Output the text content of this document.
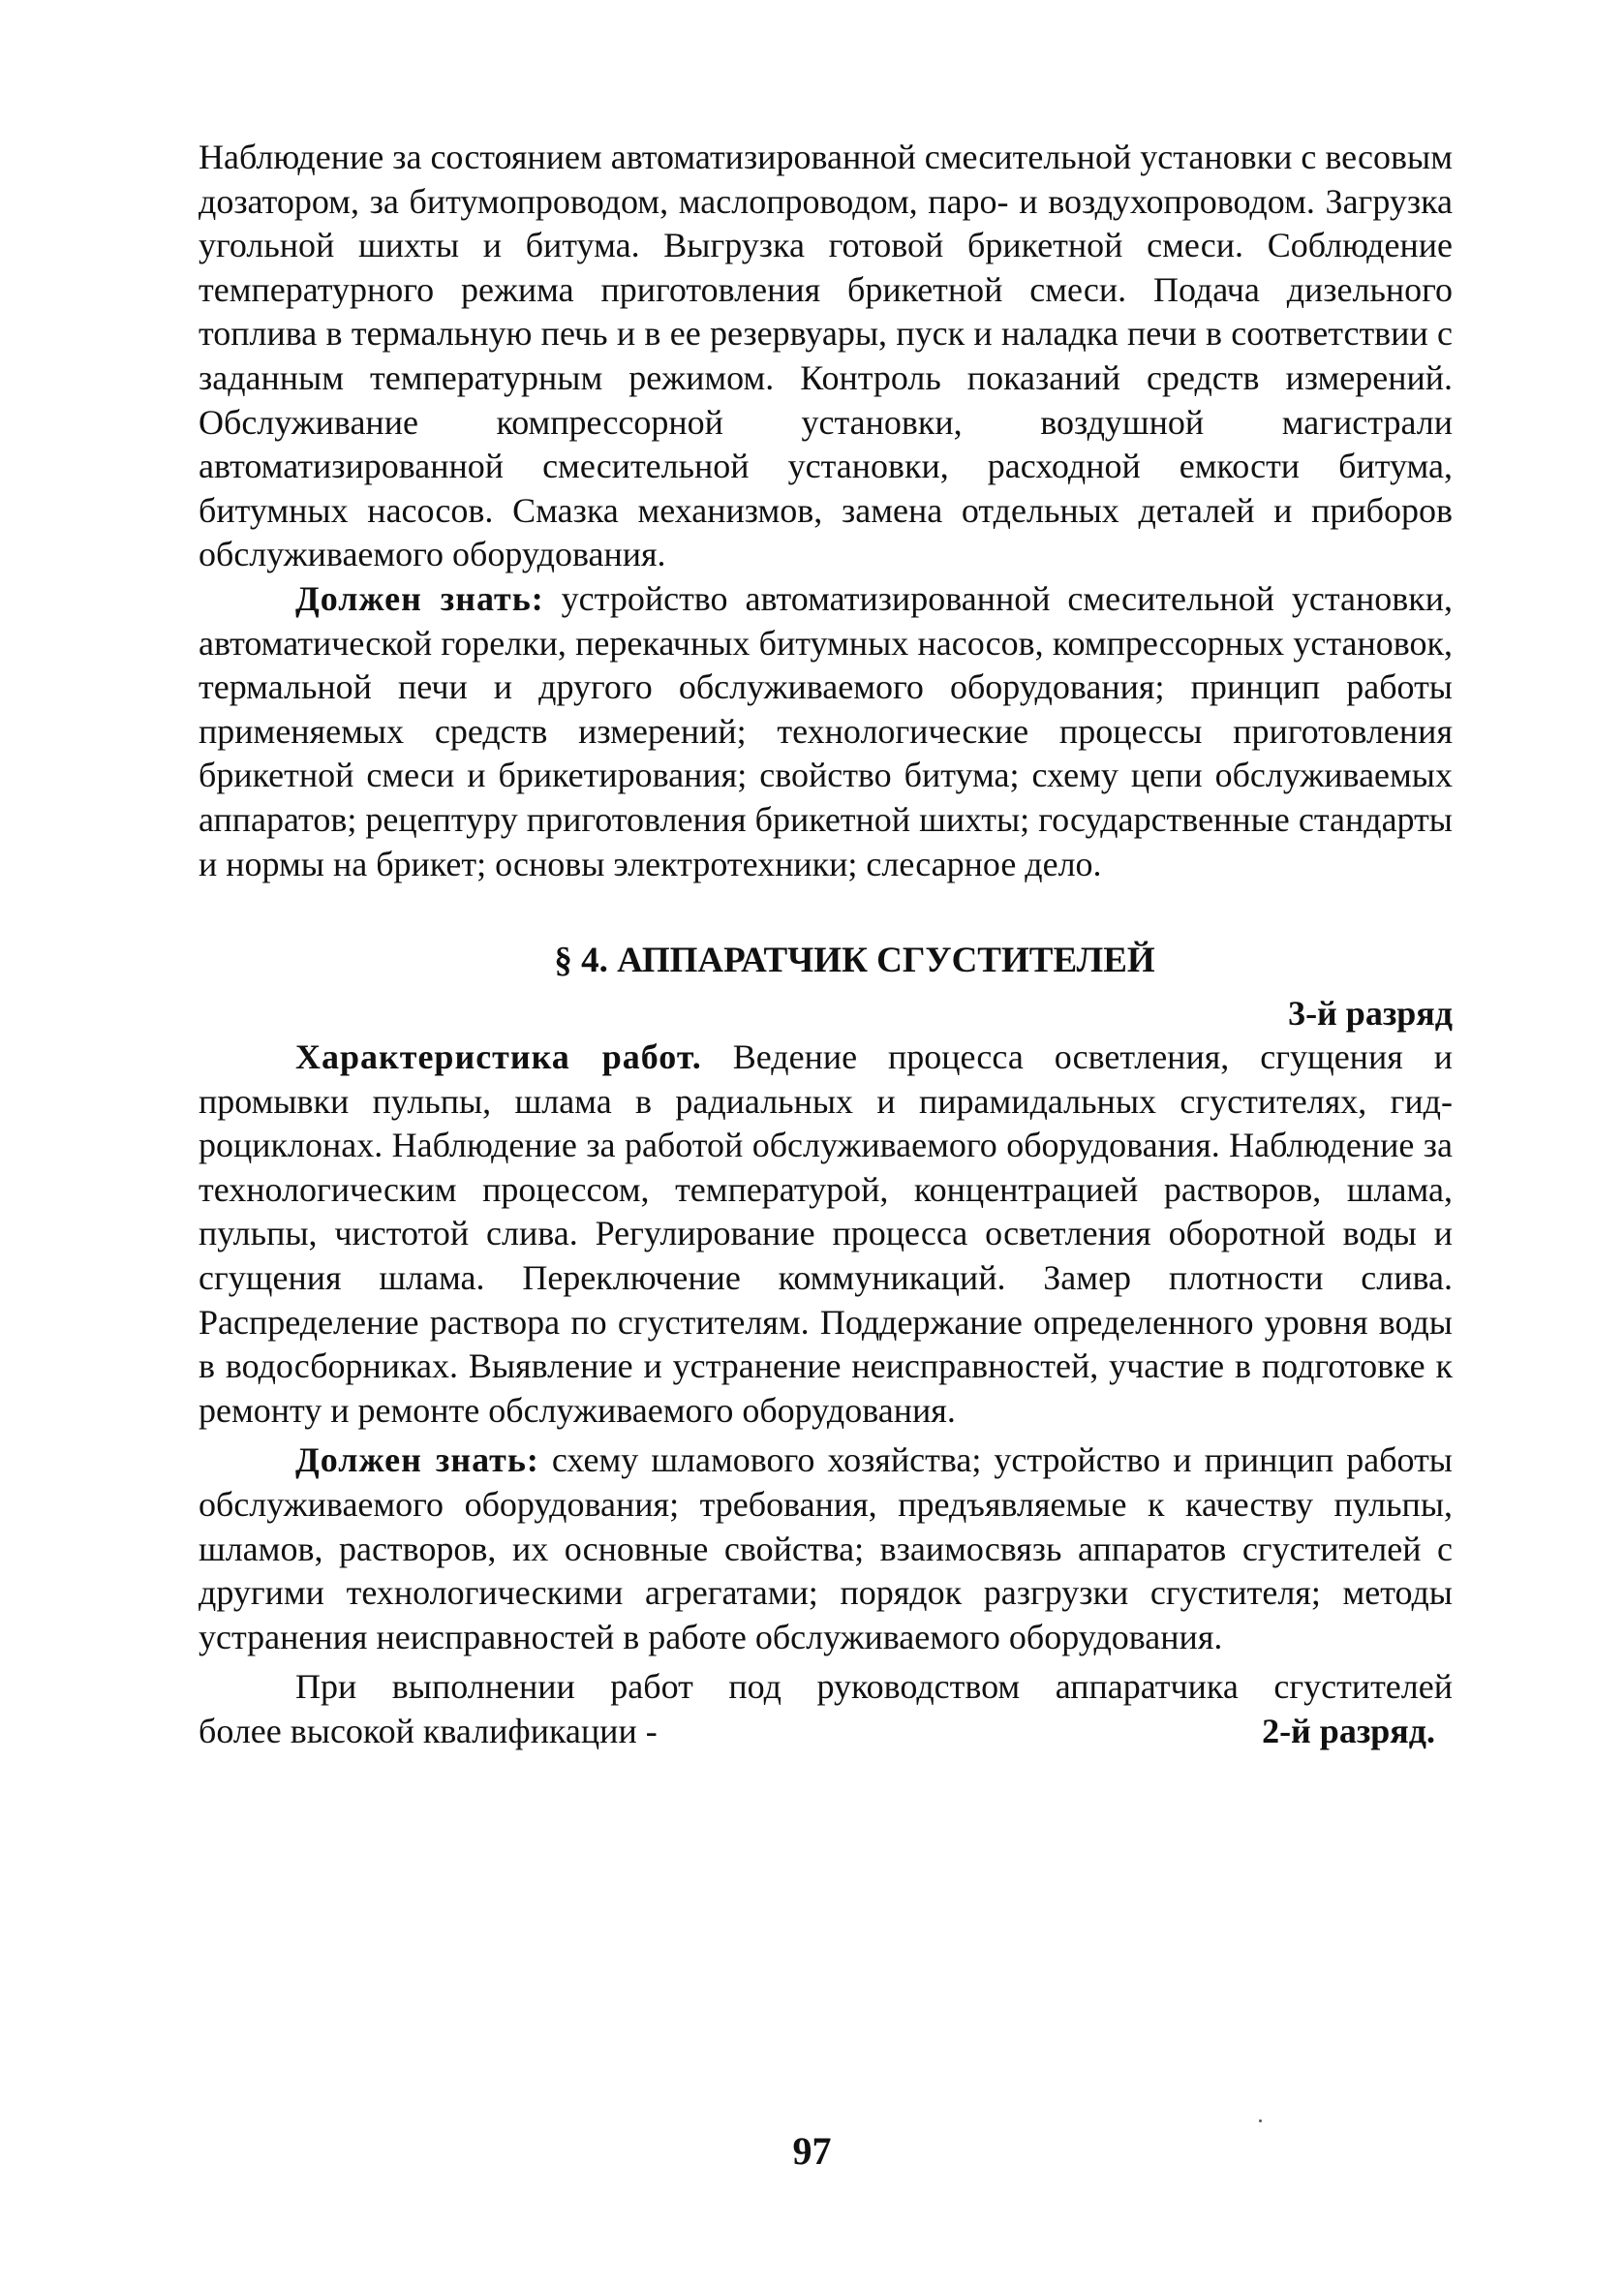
Наблюдение за состоянием автоматизированной смесительной установки с весовым дозатором, за битумопроводом, маслопроводом, паро- и воздухопроводом. Загрузка угольной шихты и битума. Выгрузка готовой брикетной смеси. Соблюдение температурного режима приготовления брикетной смеси. Подача дизельного топлива в термальную печь и в ее резервуары, пуск и наладка печи в соответствии с заданным температурным режимом. Контроль показаний средств измерений. Обслуживание компрессорной установки, воздушной магистрали автоматизированной смесительной установки, расходной емкости битума, битумных насосов. Смазка механизмов, замена отдельных деталей и приборов обслуживаемого оборудования.

Должен знать: устройство автоматизированной смесительной установки, автоматической горелки, перекачных битумных насосов, компрессорных установок, термальной печи и другого обслуживаемого оборудования; принцип работы применяемых средств измерений; технологические процессы приготовления брикетной смеси и брикетирования; свойство битума; схему цепи обслуживаемых аппаратов; рецептуру приготовления брикетной шихты; государственные стандарты и нормы на брикет; основы электротехники; слесарное дело.

§ 4. АППАРАТЧИК СГУСТИТЕЛЕЙ
3-й разряд

Характеристика работ. Ведение процесса осветления, сгущения и промывки пульпы, шлама в радиальных и пирамидальных сгустителях, гидроциклонах. Наблюдение за работой обслуживаемого оборудования. Наблюдение за технологическим процессом, температурой, концентрацией растворов, шлама, пульпы, чистотой слива. Регулирование процесса осветления оборотной воды и сгущения шлама. Переключение коммуникаций. Замер плотности слива. Распределение раствора по сгустителям. Поддержание определенного уровня воды в водосборниках. Выявление и устранение неисправностей, участие в подготовке к ремонту и ремонте обслуживаемого оборудования.

Должен знать: схему шламового хозяйства; устройство и принцип работы обслуживаемого оборудования; требования, предъявляемые к качеству пульпы, шламов, растворов, их основные свойства; взаимосвязь аппаратов сгустителей с другими технологическими агрегатами; порядок разгрузки сгустителя; методы устранения неисправностей в работе обслуживаемого оборудования.

При выполнении работ под руководством аппаратчика сгустителей

более высокой квалификации -	2-й разряд.
97
